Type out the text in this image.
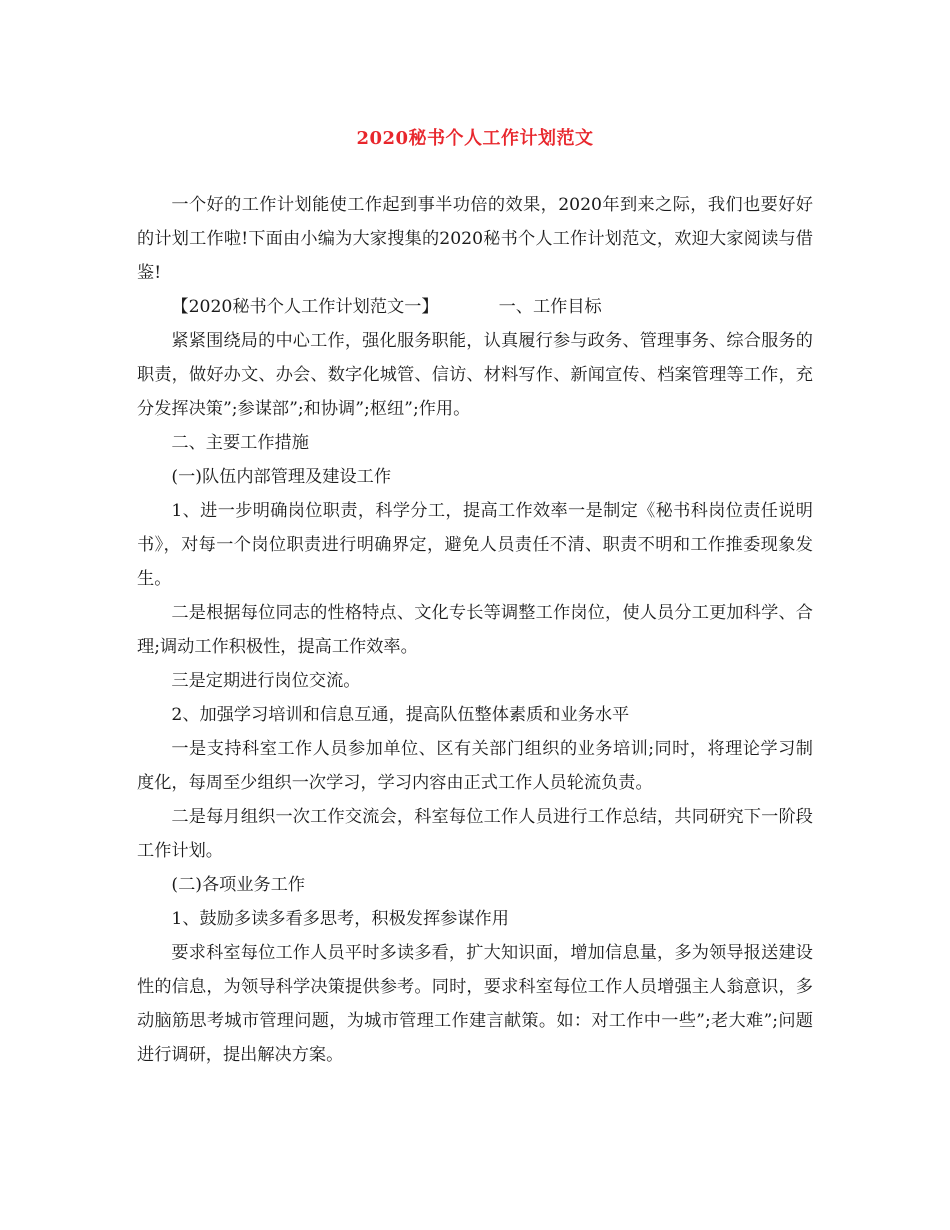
2020秘书个人工作计划范文

一个好的工作计划能使工作起到事半功倍的效果，2020年到来之际，我们也要好好的计划工作啦!下面由小编为大家搜集的2020秘书个人工作计划范文，欢迎大家阅读与借鉴!

【2020秘书个人工作计划范文一】	一、工作目标

紧紧围绕局的中心工作，强化服务职能，认真履行参与政务、管理事务、综合服务的职责，做好办文、办会、数字化城管、信访、材料写作、新闻宣传、档案管理等工作，充分发挥决策”;参谋部”;和协调”;枢纽”;作用。

二、主要工作措施

(一)队伍内部管理及建设工作

1、进一步明确岗位职责，科学分工，提高工作效率一是制定《秘书科岗位责任说明书》，对每一个岗位职责进行明确界定，避免人员责任不清、职责不明和工作推委现象发生。

二是根据每位同志的性格特点、文化专长等调整工作岗位，使人员分工更加科学、合理;调动工作积极性，提高工作效率。

三是定期进行岗位交流。

2、加强学习培训和信息互通，提高队伍整体素质和业务水平

一是支持科室工作人员参加单位、区有关部门组织的业务培训;同时，将理论学习制度化，每周至少组织一次学习，学习内容由正式工作人员轮流负责。

二是每月组织一次工作交流会，科室每位工作人员进行工作总结，共同研究下一阶段工作计划。

(二)各项业务工作

1、鼓励多读多看多思考，积极发挥参谋作用

要求科室每位工作人员平时多读多看，扩大知识面，增加信息量，多为领导报送建设性的信息，为领导科学决策提供参考。同时，要求科室每位工作人员增强主人翁意识，多动脑筋思考城市管理问题，为城市管理工作建言献策。如：对工作中一些”;老大难”;问题进行调研，提出解决方案。
